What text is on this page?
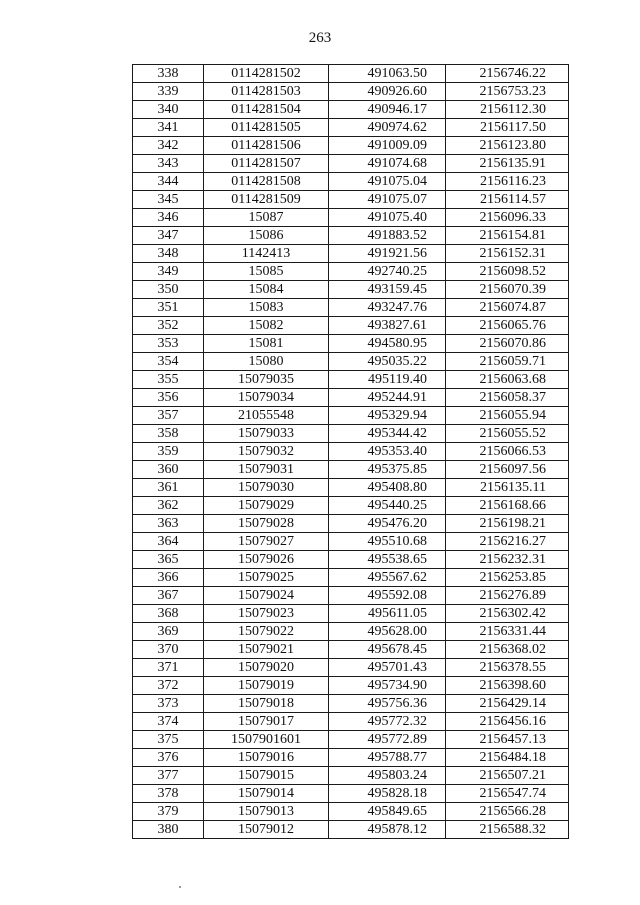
263
338	0114281502	491063.50	2156746.22
339	0114281503	490926.60	2156753.23
340	0114281504	490946.17	2156112.30
341	0114281505	490974.62	2156117.50
342	0114281506	491009.09	2156123.80
343	0114281507	491074.68	2156135.91
344	0114281508	491075.04	2156116.23
345	0114281509	491075.07	2156114.57
346	15087	491075.40	2156096.33
347	15086	491883.52	2156154.81
348	1142413	491921.56	2156152.31
349	15085	492740.25	2156098.52
350	15084	493159.45	2156070.39
351	15083	493247.76	2156074.87
352	15082	493827.61	2156065.76
353	15081	494580.95	2156070.86
354	15080	495035.22	2156059.71
355	15079035	495119.40	2156063.68
356	15079034	495244.91	2156058.37
357	21055548	495329.94	2156055.94
358	15079033	495344.42	2156055.52
359	15079032	495353.40	2156066.53
360	15079031	495375.85	2156097.56
361	15079030	495408.80	2156135.11
362	15079029	495440.25	2156168.66
363	15079028	495476.20	2156198.21
364	15079027	495510.68	2156216.27
365	15079026	495538.65	2156232.31
366	15079025	495567.62	2156253.85
367	15079024	495592.08	2156276.89
368	15079023	495611.05	2156302.42
369	15079022	495628.00	2156331.44
370	15079021	495678.45	2156368.02
371	15079020	495701.43	2156378.55
372	15079019	495734.90	2156398.60
373	15079018	495756.36	2156429.14
374	15079017	495772.32	2156456.16
375	1507901601	495772.89	2156457.13
376	15079016	495788.77	2156484.18
377	15079015	495803.24	2156507.21
378	15079014	495828.18	2156547.74
379	15079013	495849.65	2156566.28
380	15079012	495878.12	2156588.32
